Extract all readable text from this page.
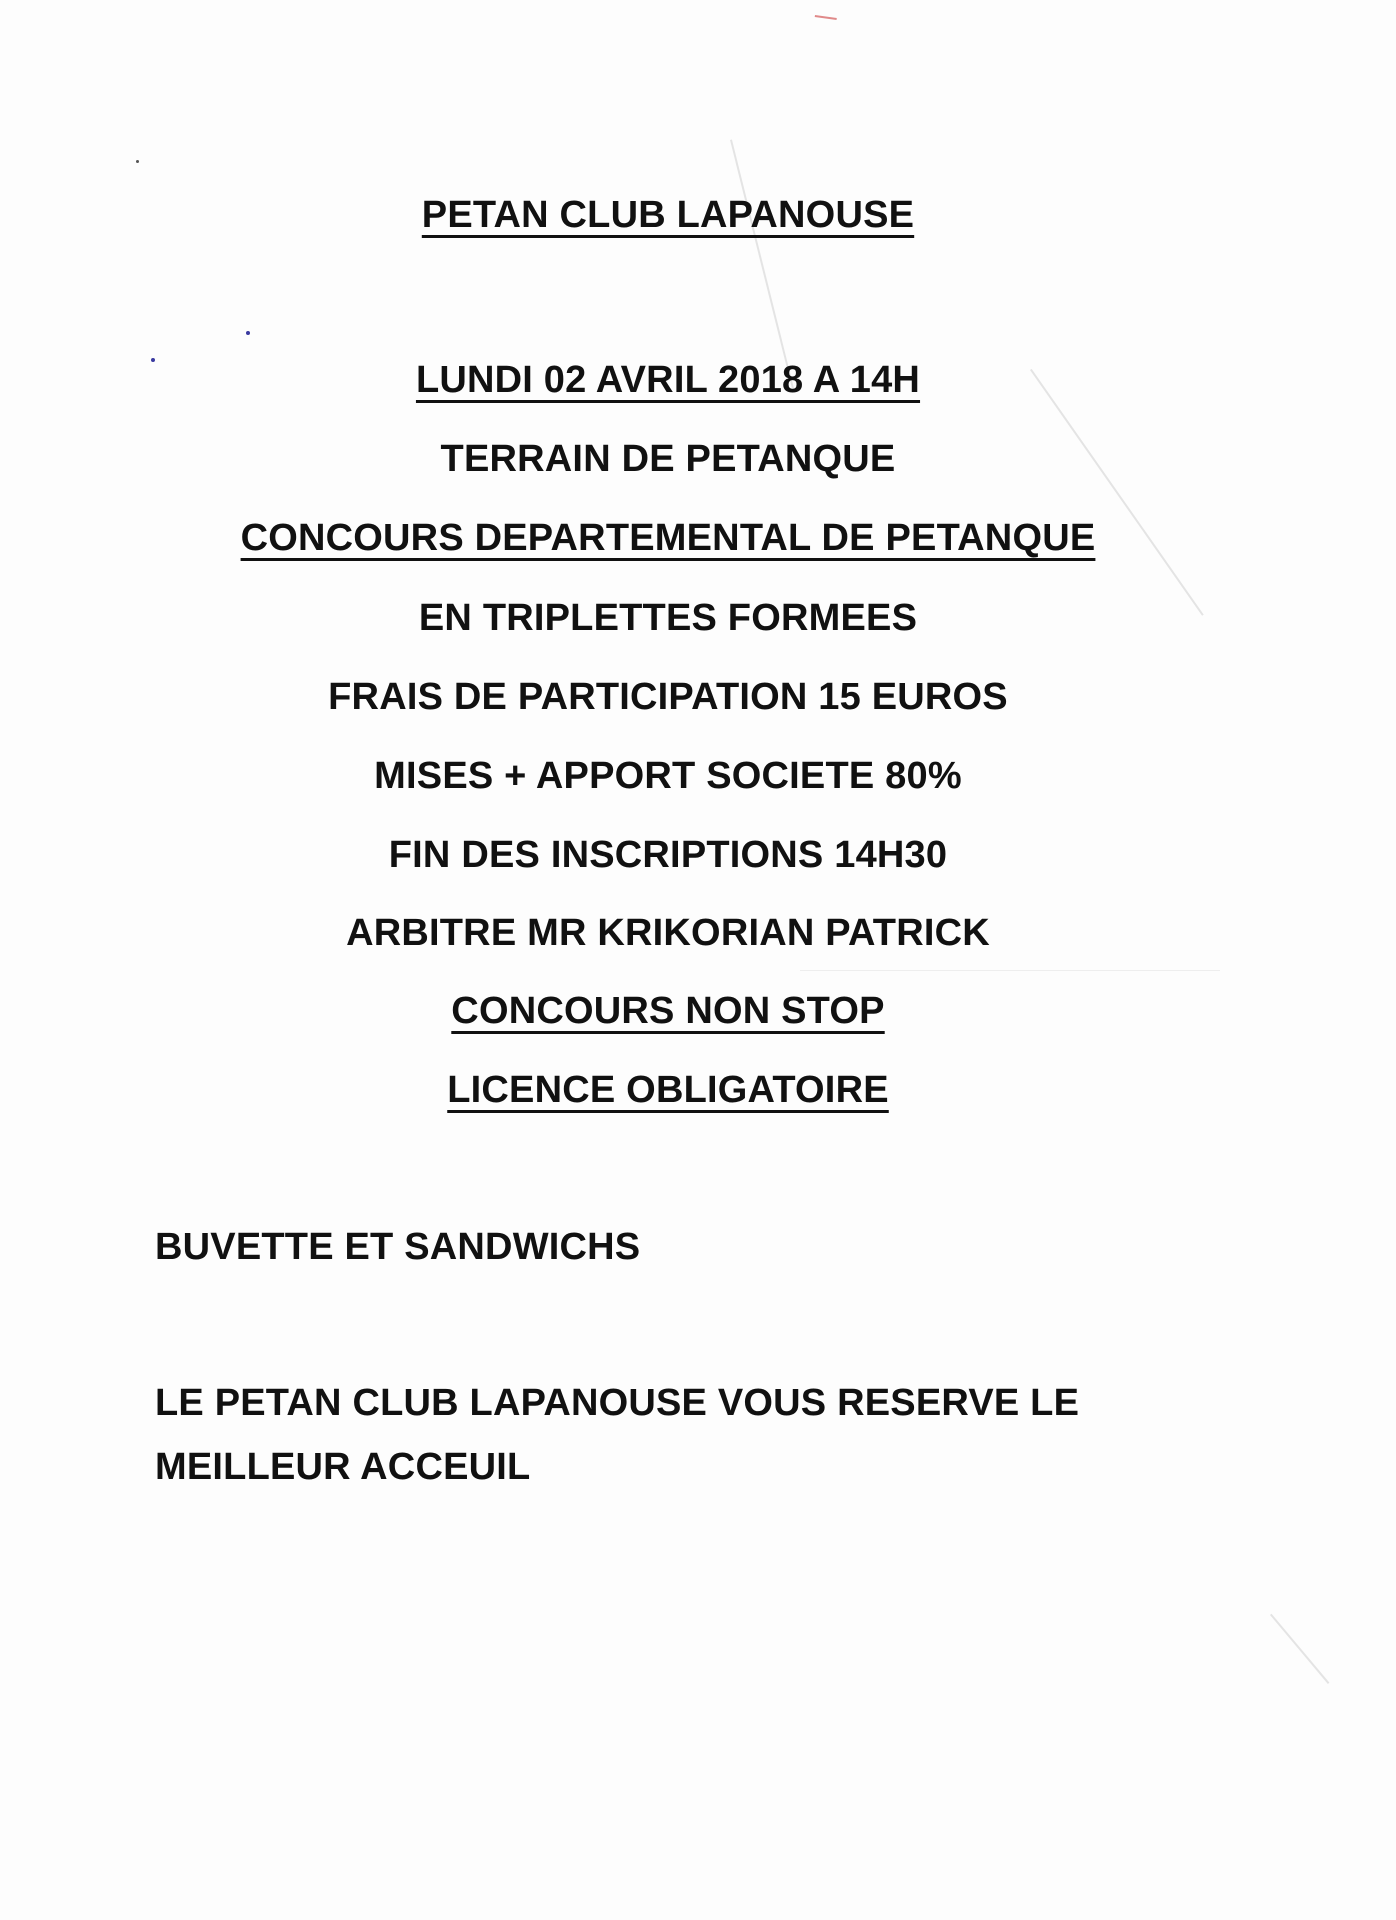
PETAN CLUB LAPANOUSE
LUNDI 02 AVRIL 2018 A 14H
TERRAIN DE PETANQUE
CONCOURS DEPARTEMENTAL DE PETANQUE
EN TRIPLETTES FORMEES
FRAIS DE PARTICIPATION 15 EUROS
MISES + APPORT SOCIETE 80%
FIN DES INSCRIPTIONS 14H30
ARBITRE MR KRIKORIAN PATRICK
CONCOURS NON STOP
LICENCE OBLIGATOIRE
BUVETTE ET SANDWICHS
LE PETAN CLUB LAPANOUSE VOUS RESERVE LE
MEILLEUR ACCEUIL
